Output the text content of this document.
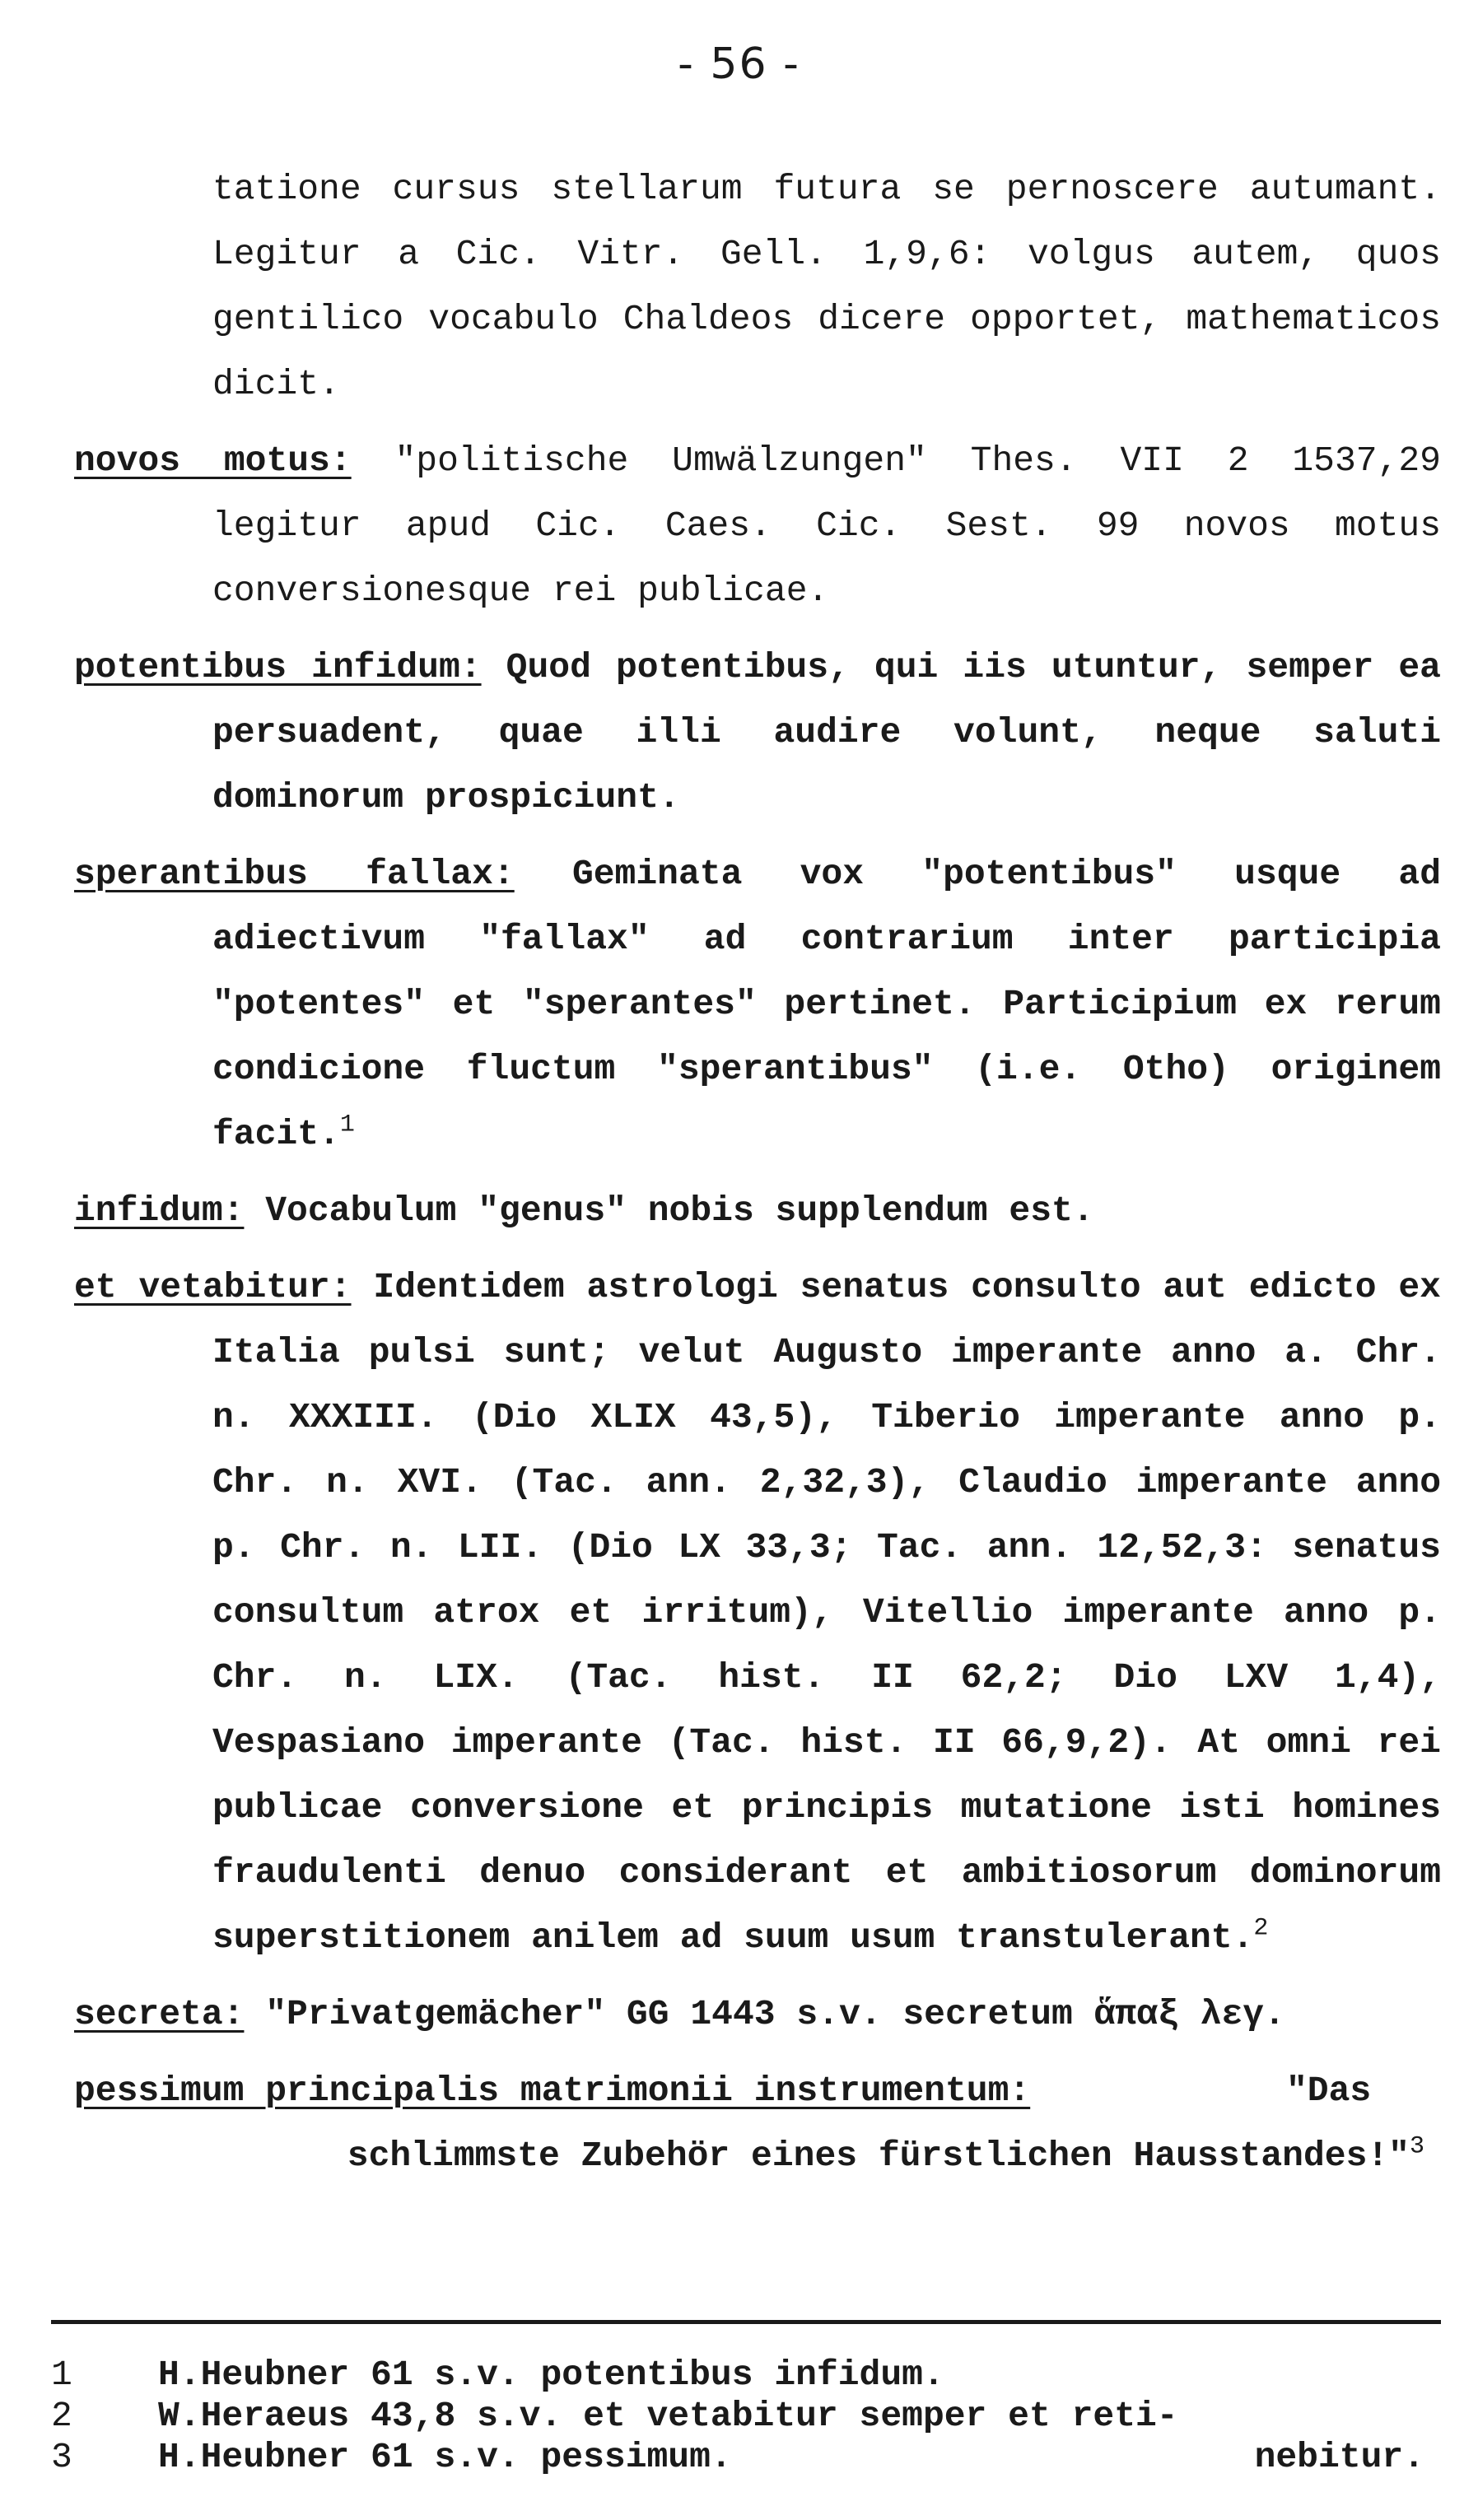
- 56 -

tatione cursus stellarum futura se pernoscere autumant. Legitur a Cic. Vitr. Gell. 1,9,6: volgus autem, quos gentilico vocabulo Chaldeos dicere opportet, mathematicos dicit.

novos motus: "politische Umwälzungen" Thes. VII 2 1537,29 legitur apud Cic. Caes. Cic. Sest. 99 novos motus conversionesque rei publicae.

potentibus infidum: Quod potentibus, qui iis utuntur, semper ea persuadent, quae illi audire volunt, neque saluti dominorum prospiciunt.

sperantibus fallax: Geminata vox "potentibus" usque ad adiectivum "fallax" ad contrarium inter participia "potentes" et "sperantes" pertinet. Participium ex rerum condicione fluctum "sperantibus" (i.e. Otho) originem facit.$^1$

infidum: Vocabulum "genus" nobis supplendum est.

et vetabitur: Identidem astrologi senatus consulto aut edicto ex Italia pulsi sunt; velut Augusto imperante anno a. Chr. n. XXXIII. (Dio XLIX 43,5), Tiberio imperante anno p. Chr. n. XVI. (Tac. ann. 2,32,3), Claudio imperante anno p. Chr. n. LII. (Dio LX 33,3; Tac. ann. 12,52,3: senatus consultum atrox et irritum), Vitellio imperante anno p. Chr. n. LIX. (Tac. hist. II 62,2; Dio LXV 1,4), Vespasiano imperante (Tac. hist. II 66,9,2). At omni rei publicae conversione et principis mutatione isti homines fraudulenti denuo considerant et ambitiosorum dominorum superstitionem anilem ad suum usum transtulerant.$^2$

secreta: "Privatgemächer" GG 1443 s.v. secretum ἅπαξ λεγ.

pessimum principalis matrimonii instrumentum:	"Das

schlimmste Zubehör eines fürstlichen Hausstandes!"$^3$

1	H.Heubner 61 s.v. potentibus infidum.
2	W.Heraeus 43,8 s.v. et vetabitur semper et reti-
3	H.Heubner 61 s.v. pessimum.	nebitur.
